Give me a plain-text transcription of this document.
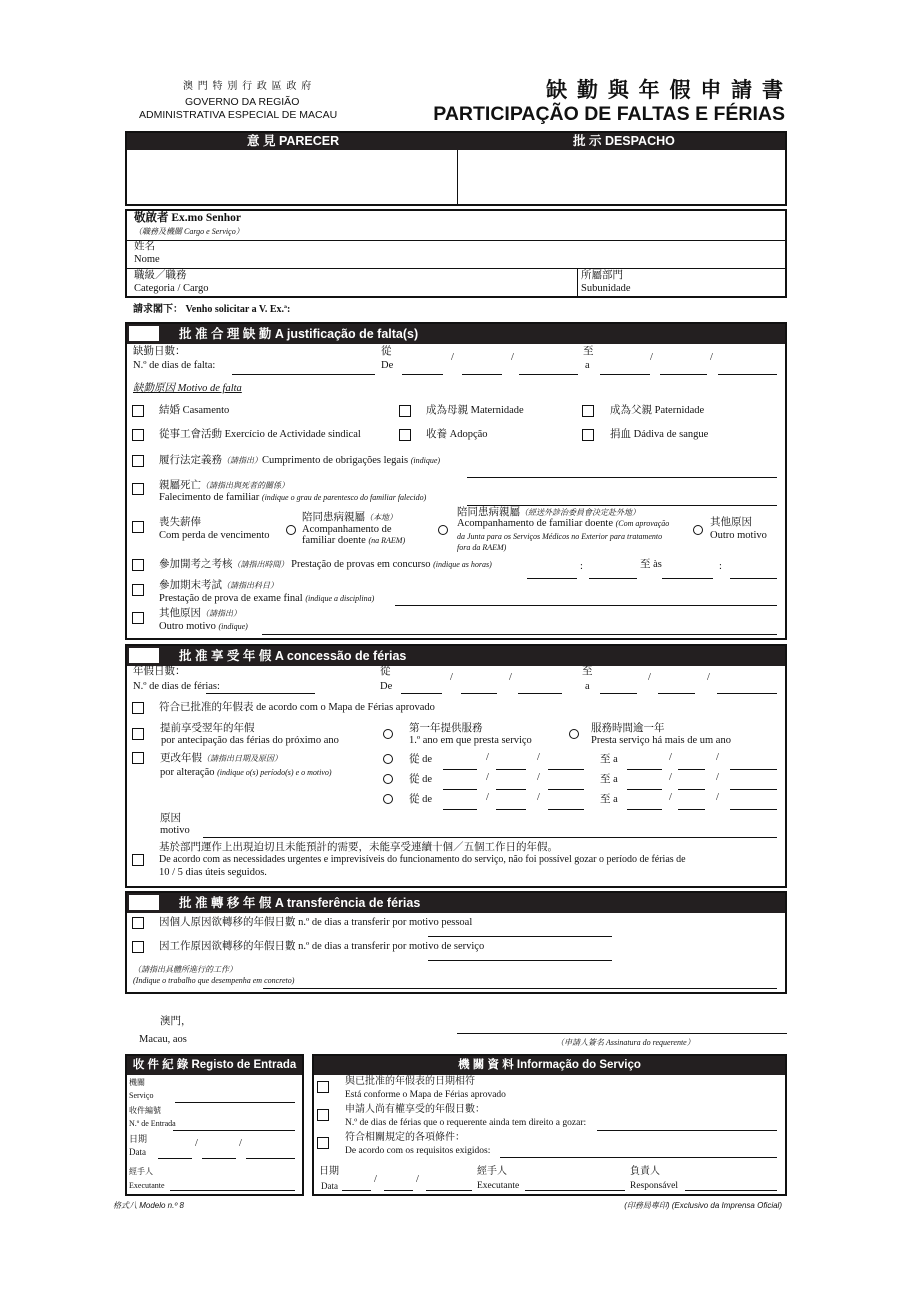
澳 門 特 別 行 政 區 政 府
GOVERNO DA REGIÃO
ADMINISTRATIVA ESPECIAL DE MACAU
缺 勤 與 年 假 申 請 書
PARTICIPAÇÃO DE FALTAS E FÉRIAS
意 見 PARECER	批 示 DESPACHO
敬啟者 Ex.mo Senhor
（職務及機關 Cargo e Serviço）
姓名
Nome
職級／職務
Categoria / Cargo
所屬部門
Subunidade
請求閣下： Venho solicitar a V. Ex.ª:
批 准 合 理 缺 勤 A justificação de falta(s)
缺勤日數：
N.º de dias de falta:
從
De
/	/
至
a
/	/
缺勤原因 Motivo de falta
結婚 Casamento	成為母親 Maternidade	成為父親 Paternidade
從事工會活動 Exercício de Actividade sindical	收養 Adopção	捐血 Dádiva de sangue
履行法定義務（請指出）Cumprimento de obrigações legais (indique)
親屬死亡（請指出與死者的關係）
Falecimento de familiar (indique o grau de parentesco do familiar falecido)
喪失薪俸
Com perda de vencimento
陪同患病親屬（本地）
Acompanhamento de
familiar doente (na RAEM)
陪同患病親屬（經送外診治委員會決定赴外地）
Acompanhamento de familiar doente (Com aprovação
da Junta para os Serviços Médicos no Exterior para tratamento
fora da RAEM)
其他原因
Outro motivo
參加開考之考核（請指出時間） Prestação de provas em concurso (indique as horas)	:	至 às	:
參加期末考試（請指出科目）
Prestação de prova de exame final (indique a disciplina)
其他原因（請指出）
Outro motivo (indique)
批 准 享 受 年 假 A concessão de férias
年假日數：
N.º de dias de férias:
從
De
/	/
至
a
/	/
符合已批准的年假表 de acordo com o Mapa de Férias aprovado
提前享受翌年的年假
por antecipação das férias do próximo ano
第一年提供服務
1.º ano em que presta serviço
服務時間逾一年
Presta serviço há mais de um ano
更改年假（請指出日期及原因）
por alteração (indique o(s) período(s) e o motivo)
從 de	/	/	至 a	/	/
從 de	/	/	至 a	/	/
從 de	/	/	至 a	/	/
原因
motivo
基於部門運作上出現迫切且未能預計的需要，未能享受連續十個／五個工作日的年假。
De acordo com as necessidades urgentes e imprevisíveis do funcionamento do serviço, não foi possível gozar o período de férias de
10 / 5 dias úteis seguidos.
批 准 轉 移 年 假 A transferência de férias
因個人原因欲轉移的年假日數 n.º de dias a transferir por motivo pessoal
因工作原因欲轉移的年假日數 n.º de dias a transferir por motivo de serviço
（請指出具體所進行的工作）
(Indique o trabalho que desempenha em concreto)
澳門，
Macau, aos	（申請人簽名 Assinatura do requerente）
收 件 紀 錄 Registo de Entrada
機關
Serviço
收件編號
N.º de Entrada
日期
Data
/	/
經手人
Executante
機 關 資 料 Informação do Serviço
與已批准的年假表的日期相符
Está conforme o Mapa de Férias aprovado
申請人尚有權享受的年假日數：
N.º de dias de férias que o requerente ainda tem direito a gozar:
符合相關規定的各項條件：
De acordo com os requisitos exigidos:
日期
Data
/	/
經手人
Executante
負責人
Responsável
格式八 Modelo n.º 8	(印務局專印) (Exclusivo da Imprensa Oficial)
